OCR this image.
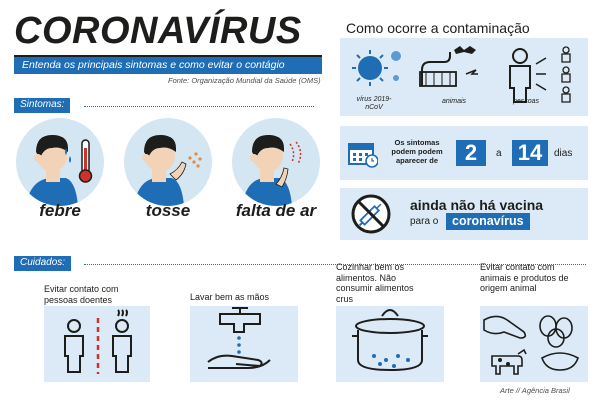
CORONAVÍRUS
Entenda os principais sintomas e como evitar o contágio
Fonte: Organização Mundial da Saúde (OMS)
Sintomas:
febre	tosse	falta de ar
Como ocorre a contaminação
vírus 2019-nCoV
animais	pessoas
Os sintomas podem podem aparecer de	2	a 14	dias
ainda não há vacina
para o	coronavírus
Cuidados:
Evitar contato com pessoas doentes	Lavar bem as mãos
Cozinhar bem os alimentos. Não consumir alimentos crus
Evitar contato com animais e produtos de origem animal
Arte // Agência Brasil
